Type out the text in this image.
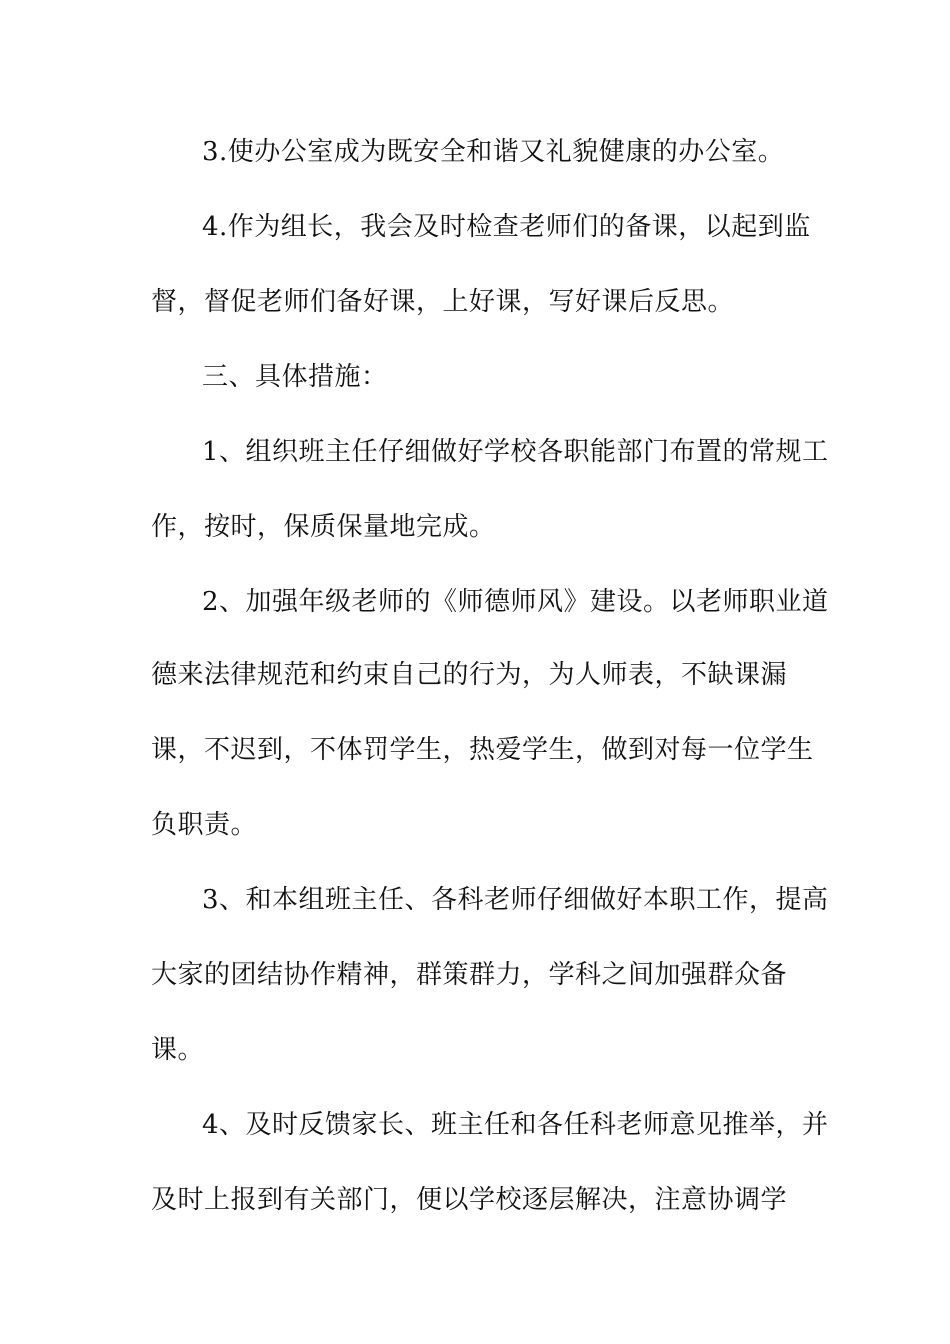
3.使办公室成为既安全和谐又礼貌健康的办公室。
4.作为组长，我会及时检查老师们的备课，以起到监
督，督促老师们备好课，上好课，写好课后反思。
三、具体措施：
1、组织班主任仔细做好学校各职能部门布置的常规工
作，按时，保质保量地完成。
2、加强年级老师的《师德师风》建设。以老师职业道
德来法律规范和约束自己的行为，为人师表，不缺课漏
课，不迟到，不体罚学生，热爱学生，做到对每一位学生
负职责。
3、和本组班主任、各科老师仔细做好本职工作，提高
大家的团结协作精神，群策群力，学科之间加强群众备
课。
4、及时反馈家长、班主任和各任科老师意见推举，并
及时上报到有关部门，便以学校逐层解决，注意协调学
